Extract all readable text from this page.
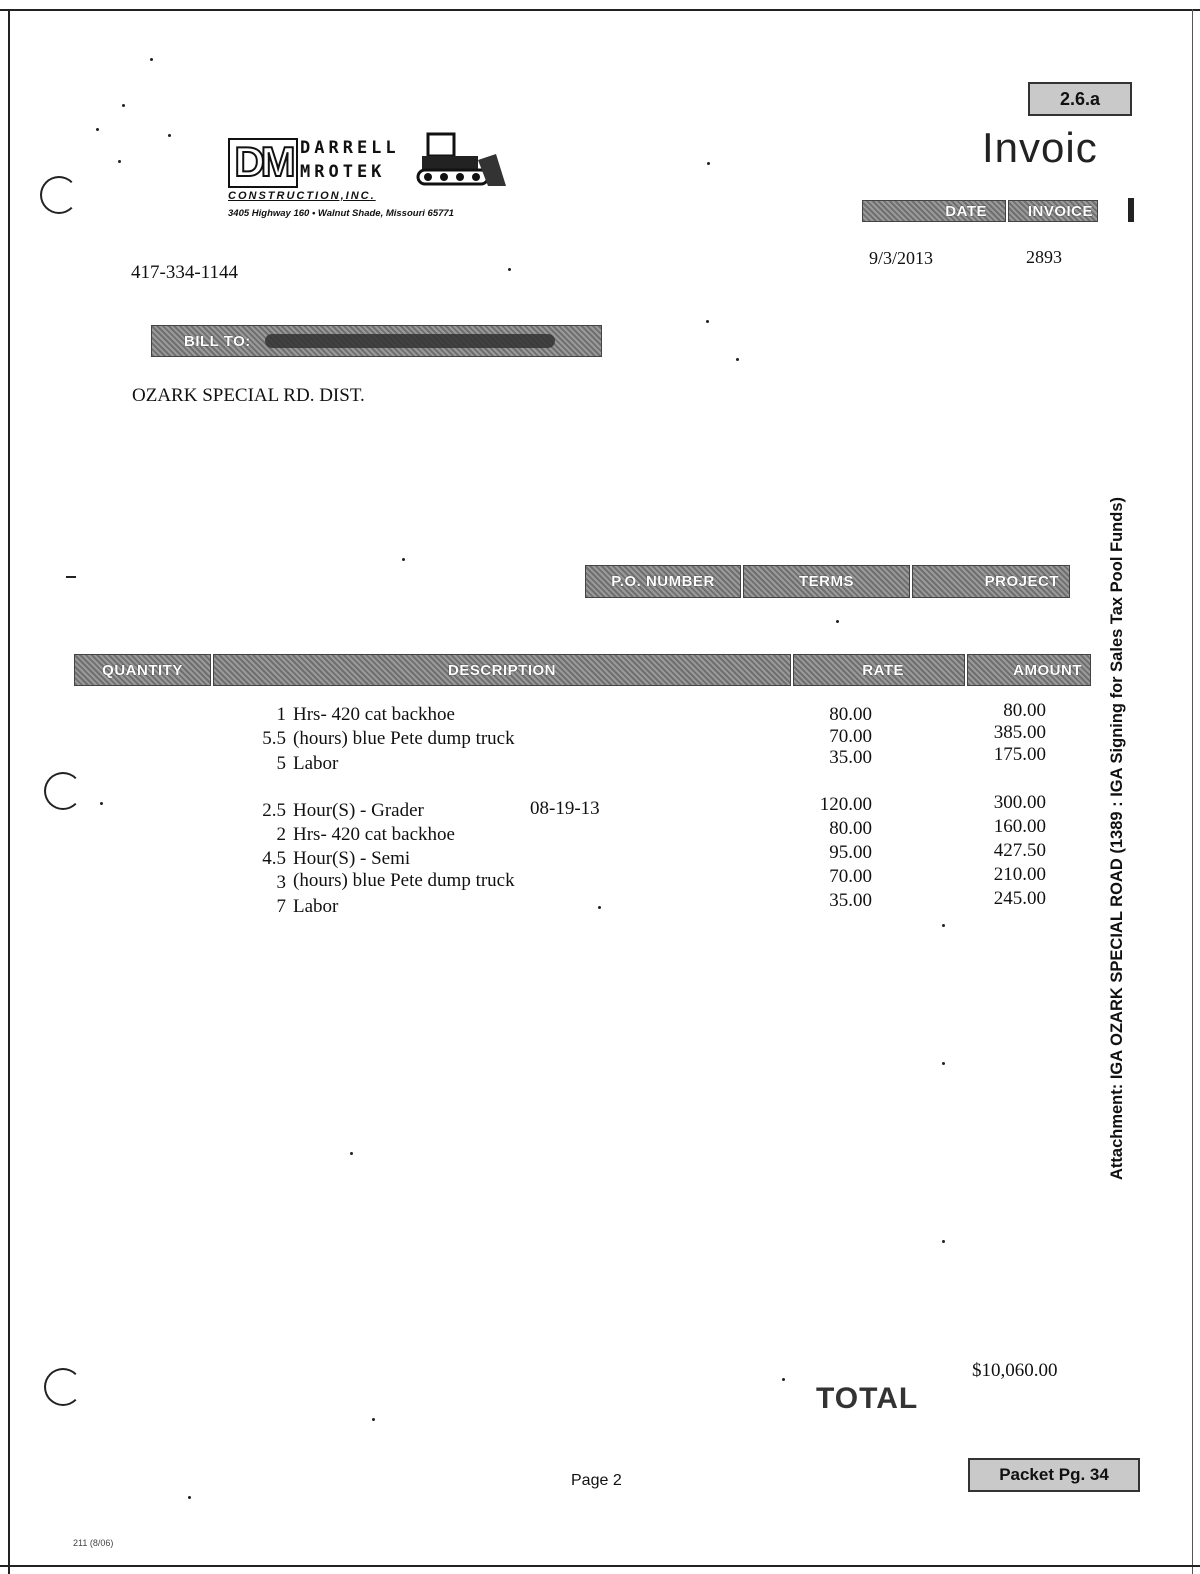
2.6.a
DM DARRELL
MROTEK
CONSTRUCTION,INC.
3405 Highway 160 • Walnut Shade, Missouri 65771
417-334-1144
Invoic
DATE	INVOICE
9/3/2013	2893
BILL TO:
OZARK SPECIAL RD. DIST.
P.O. NUMBER	TERMS	PROJECT
QUANTITY	DESCRIPTION	RATE	AMOUNT
1 Hrs- 420 cat backhoe	80.00	80.00
5.5 (hours) blue Pete dump truck	70.00	385.00
5 Labor	35.00	175.00
2.5 Hour(S) - Grader	08-19-13	120.00	300.00
2 Hrs- 420 cat backhoe	80.00	160.00
4.5 Hour(S) - Semi	95.00	427.50
3 (hours) blue Pete dump truck	70.00	210.00
7 Labor	35.00	245.00	Attachment: IGA OZARK SPECIAL ROAD (1389 : IGA Signing for Sales Tax Pool Funds)
$10,060.00
TOTAL
Page 2	Packet Pg. 34
211 (8/06)
